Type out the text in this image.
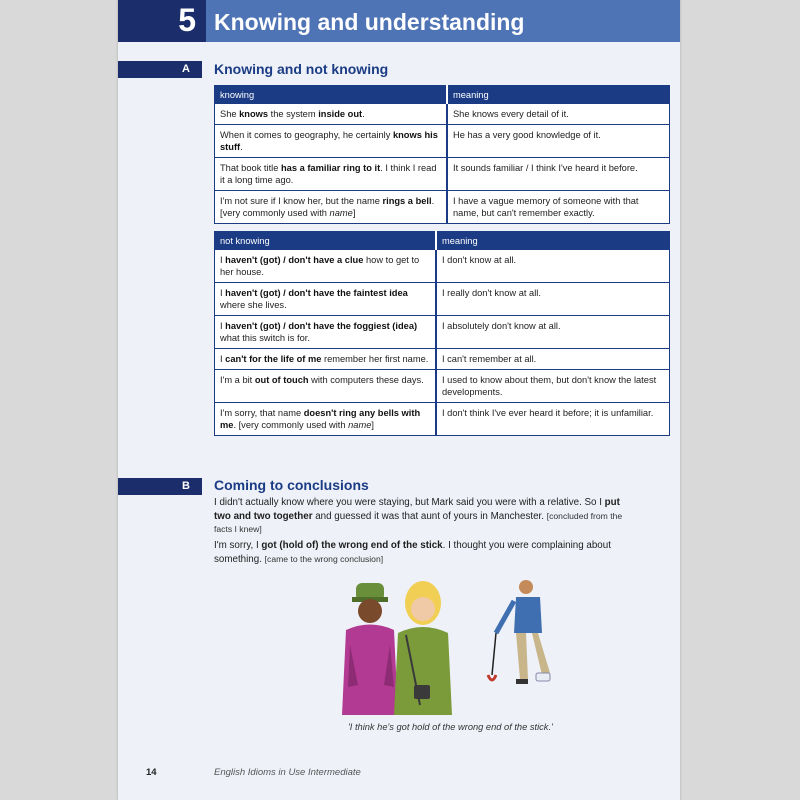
5 Knowing and understanding
A Knowing and not knowing
knowing	meaning
She knows the system inside out.	She knows every detail of it.
When it comes to geography, he certainly knows his stuff.	He has a very good knowledge of it.
That book title has a familiar ring to it. I think I read it a long time ago.	It sounds familiar / I think I've heard it before.
I'm not sure if I know her, but the name rings a bell. [very commonly used with name]	I have a vague memory of someone with that name, but can't remember exactly.
not knowing	meaning
I haven't (got) / don't have a clue how to get to her house.	I don't know at all.
I haven't (got) / don't have the faintest idea where she lives.	I really don't know at all.
I haven't (got) / don't have the foggiest (idea) what this switch is for.	I absolutely don't know at all.
I can't for the life of me remember her first name.	I can't remember at all.
I'm a bit out of touch with computers these days.	I used to know about them, but don't know the latest developments.
I'm sorry, that name doesn't ring any bells with me. [very commonly used with name]	I don't think I've ever heard it before; it is unfamiliar.
B Coming to conclusions
I didn't actually know where you were staying, but Mark said you were with a relative. So I put two and two together and guessed it was that aunt of yours in Manchester. [concluded from the facts I knew]
I'm sorry, I got (hold of) the wrong end of the stick. I thought you were complaining about something. [came to the wrong conclusion]
'I think he's got hold of the wrong end of the stick.'
14	English Idioms in Use Intermediate
